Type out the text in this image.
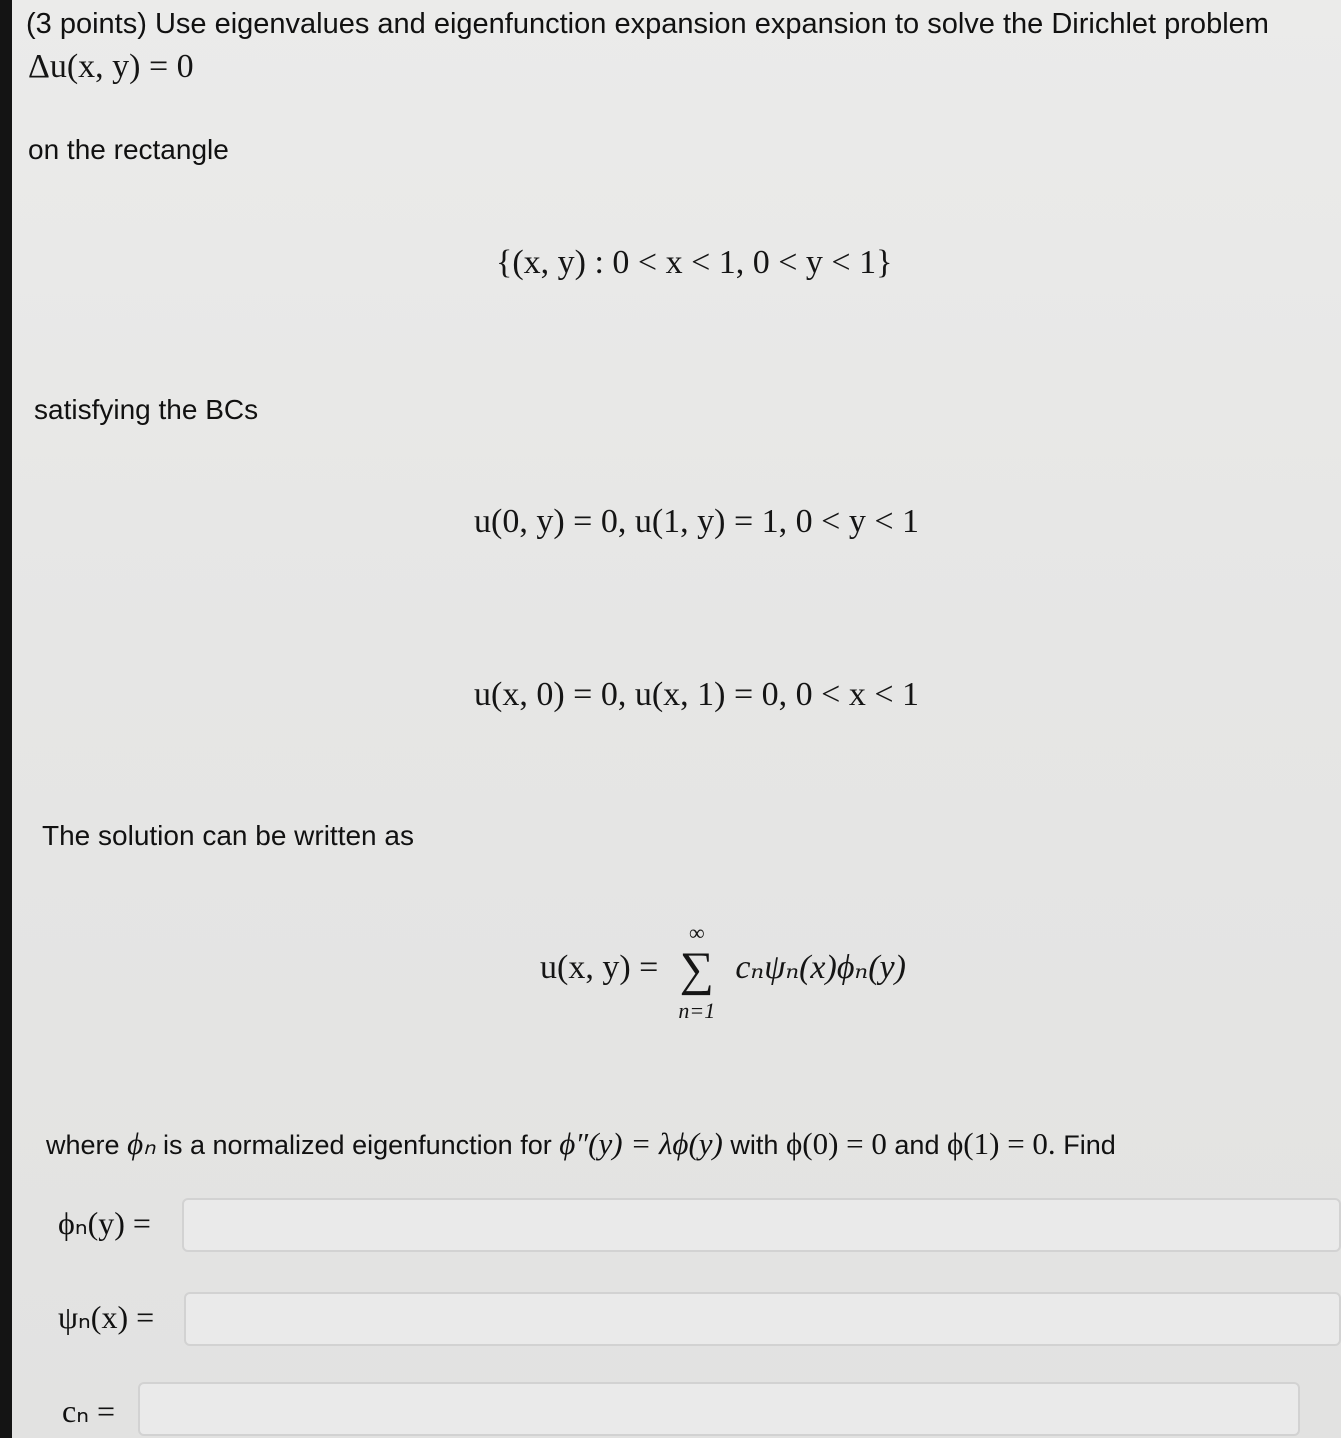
(3 points) Use eigenvalues and eigenfunction expansion expansion to solve the Dirichlet problem
Δu(x, y) = 0
on the rectangle
{(x, y) : 0 < x < 1, 0 < y < 1}
satisfying the BCs
u(0, y) = 0, u(1, y) = 1, 0 < y < 1
u(x, 0) = 0, u(x, 1) = 0, 0 < x < 1
The solution can be written as
u(x, y) =
∞
∑
n=1
cₙψₙ(x)ϕₙ(y)
where ϕₙ is a normalized eigenfunction for ϕ″(y) = λϕ(y) with ϕ(0) = 0 and ϕ(1) = 0. Find
ϕₙ(y) =
ψₙ(x) =
cₙ =
